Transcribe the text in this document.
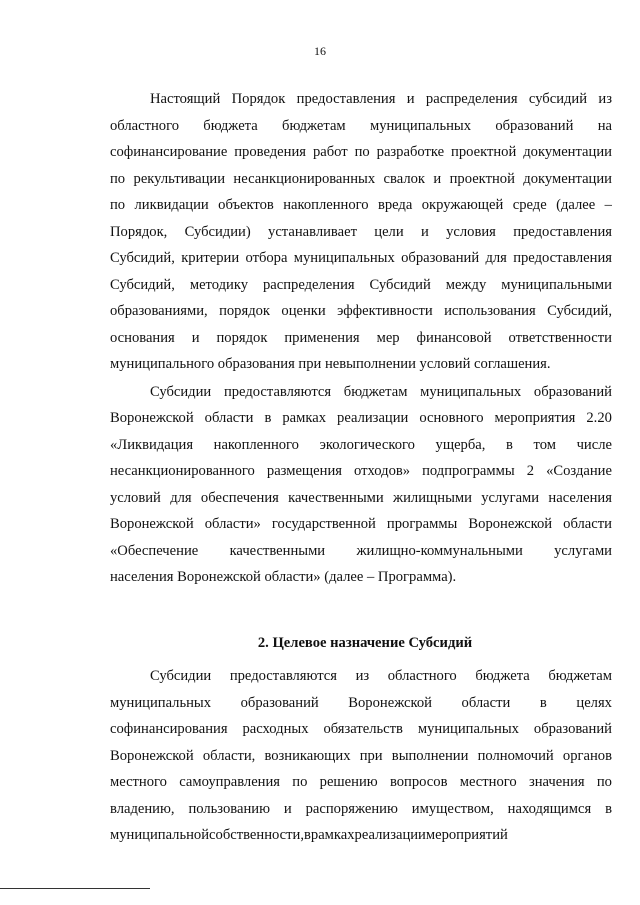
16
Настоящий Порядок предоставления и распределения субсидий из
областного бюджета бюджетам муниципальных образований на
софинансирование проведения работ по разработке проектной документации
по рекультивации несанкционированных свалок и проектной документации
по ликвидации объектов накопленного вреда окружающей среде (далее –
Порядок, Субсидии) устанавливает цели и условия предоставления
Субсидий, критерии отбора муниципальных образований для предоставления
Субсидий, методику распределения Субсидий между муниципальными
образованиями, порядок оценки эффективности использования Субсидий,
основания и порядок применения мер финансовой ответственности
муниципального образования при невыполнении условий соглашения.
Субсидии предоставляются бюджетам муниципальных образований
Воронежской области в рамках реализации основного мероприятия 2.20
«Ликвидация накопленного экологического ущерба, в том числе
несанкционированного размещения отходов» подпрограммы 2 «Создание
условий для обеспечения качественными жилищными услугами населения
Воронежской области» государственной программы Воронежской области
«Обеспечение качественными жилищно-коммунальными услугами
населения Воронежской области» (далее – Программа).
2. Целевое назначение Субсидий
Субсидии предоставляются из областного бюджета бюджетам
муниципальных образований Воронежской области в целях
софинансирования расходных обязательств муниципальных образований
Воронежской области, возникающих при выполнении полномочий органов
местного самоуправления по решению вопросов местного значения по
владению, пользованию и распоряжению имуществом, находящимся в
муниципальнойсобственности,врамкахреализациимероприятий
